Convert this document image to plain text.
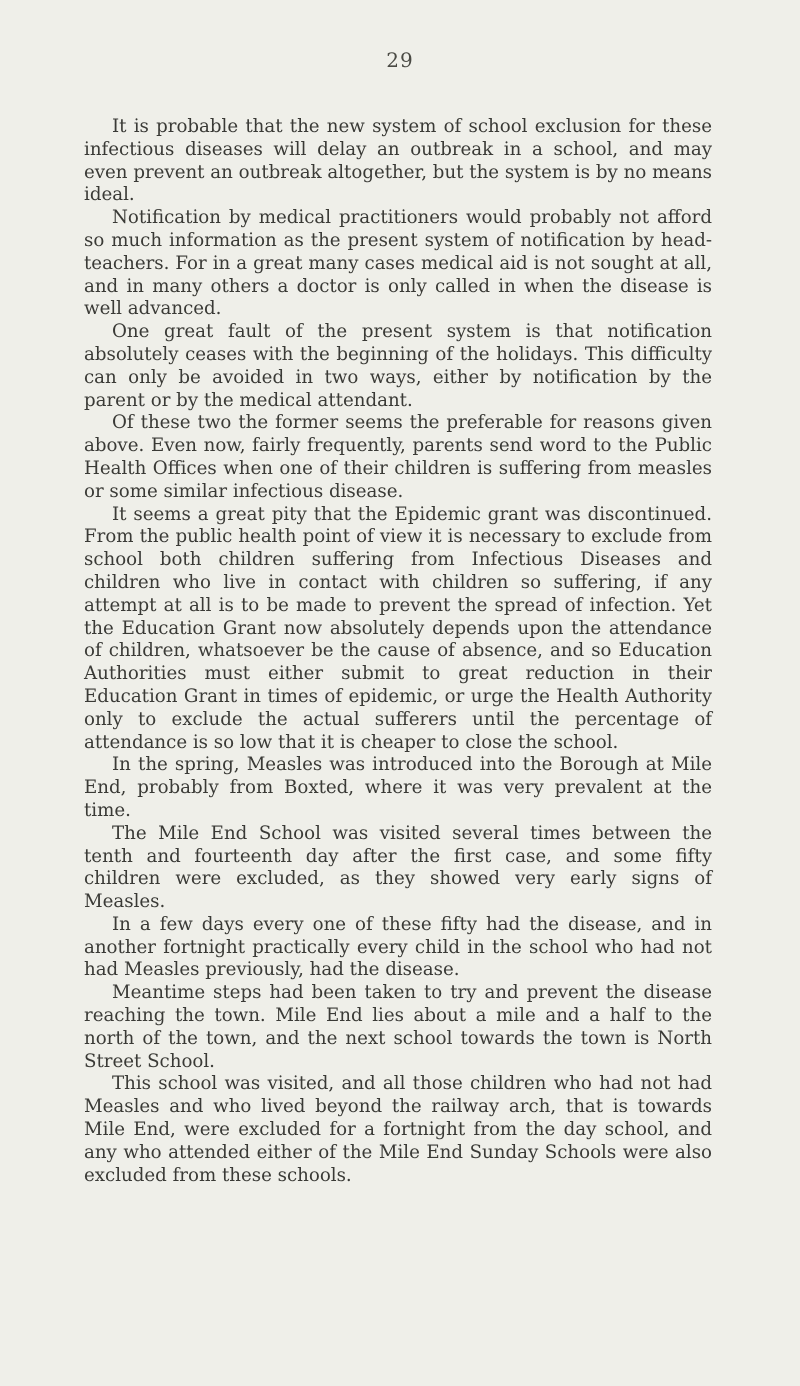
29

It is probable that the new system of school exclusion for these infectious diseases will delay an outbreak in a school, and may even prevent an outbreak altogether, but the system is by no means ideal.

Notification by medical practitioners would probably not afford so much information as the present system of notification by head-teachers. For in a great many cases medical aid is not sought at all, and in many others a doctor is only called in when the disease is well advanced.

One great fault of the present system is that notification absolutely ceases with the beginning of the holidays. This difficulty can only be avoided in two ways, either by notification by the parent or by the medical attendant.

Of these two the former seems the preferable for reasons given above. Even now, fairly frequently, parents send word to the Public Health Offices when one of their children is suffering from measles or some similar infectious disease.

It seems a great pity that the Epidemic grant was discontinued. From the public health point of view it is necessary to exclude from school both children suffering from Infectious Diseases and children who live in contact with children so suffering, if any attempt at all is to be made to prevent the spread of infection. Yet the Education Grant now absolutely depends upon the attendance of children, whatsoever be the cause of absence, and so Education Authorities must either submit to great reduction in their Education Grant in times of epidemic, or urge the Health Authority only to exclude the actual sufferers until the percentage of attendance is so low that it is cheaper to close the school.

In the spring, Measles was introduced into the Borough at Mile End, probably from Boxted, where it was very prevalent at the time.

The Mile End School was visited several times between the tenth and fourteenth day after the first case, and some fifty children were excluded, as they showed very early signs of Measles.

In a few days every one of these fifty had the disease, and in another fortnight practically every child in the school who had not had Measles previously, had the disease.

Meantime steps had been taken to try and prevent the disease reaching the town. Mile End lies about a mile and a half to the north of the town, and the next school towards the town is North Street School.

This school was visited, and all those children who had not had Measles and who lived beyond the railway arch, that is towards Mile End, were excluded for a fortnight from the day school, and any who attended either of the Mile End Sunday Schools were also excluded from these schools.
